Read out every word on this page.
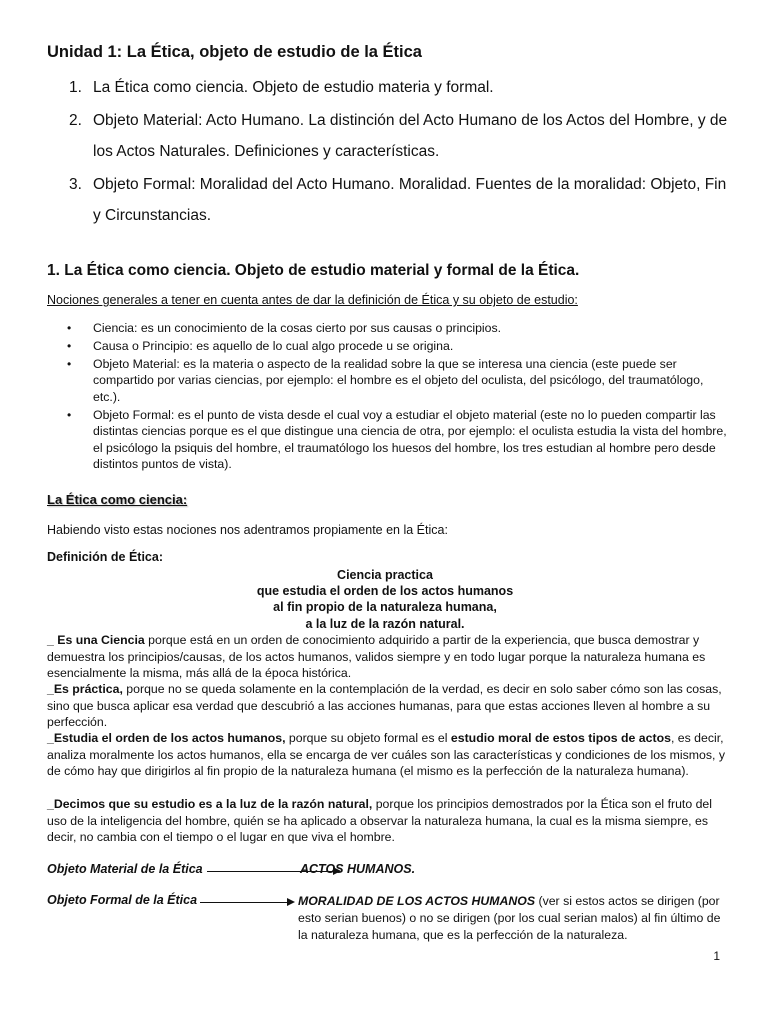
Unidad 1: La Ética, objeto de estudio de la Ética
1. La Ética como ciencia. Objeto de estudio materia y formal.
2. Objeto Material: Acto Humano. La distinción del Acto Humano de los Actos del Hombre, y de los Actos Naturales. Definiciones y características.
3. Objeto Formal: Moralidad del Acto Humano. Moralidad. Fuentes de la moralidad: Objeto, Fin y Circunstancias.
1. La Ética como ciencia. Objeto de estudio material y formal de la Ética.
Nociones generales a tener en cuenta antes de dar la definición de Ética y su objeto de estudio:
• Ciencia: es un conocimiento de la cosas cierto por sus causas o principios.
• Causa o Principio: es aquello de lo cual algo procede u se origina.
• Objeto Material: es la materia o aspecto de la realidad sobre la que se interesa una ciencia (este puede ser compartido por varias ciencias, por ejemplo: el hombre es el objeto del oculista, del psicólogo, del traumatólogo, etc.).
• Objeto Formal: es el punto de vista desde el cual voy a estudiar el objeto material (este no lo pueden compartir las distintas ciencias porque es el que distingue una ciencia de otra, por ejemplo: el oculista estudia la vista del hombre, el psicólogo la psiquis del hombre, el traumatólogo los huesos del hombre, los tres estudian al hombre pero desde distintos puntos de vista).
La Ética como ciencia:
Habiendo visto estas nociones nos adentramos propiamente en la Ética:
Definición de Ética:
Ciencia practica
que estudia el orden de los actos humanos
al fin propio de la naturaleza humana,
a la luz de la razón natural.
_ Es una Ciencia porque está en un orden de conocimiento adquirido a partir de la experiencia, que busca demostrar y demuestra los principios/causas, de los actos humanos, validos siempre y en todo lugar porque la naturaleza humana es esencialmente la misma, más allá de la época histórica.
_Es práctica, porque no se queda solamente en la contemplación de la verdad, es decir en solo saber cómo son las cosas, sino que busca aplicar esa verdad que descubrió a las acciones humanas, para que estas acciones lleven al hombre a su perfección.
_Estudia el orden de los actos humanos, porque su objeto formal es el estudio moral de estos tipos de actos, es decir, analiza moralmente los actos humanos, ella se encarga de ver cuáles son las características y condiciones de los mismos, y de cómo hay que dirigirlos al fin propio de la naturaleza humana (el mismo es la perfección de la naturaleza humana).
_Decimos que su estudio es a la luz de la razón natural, porque los principios demostrados por la Ética son el fruto del uso de la inteligencia del hombre, quién se ha aplicado a observar la naturaleza humana, la cual es la misma siempre, es decir, no cambia con el tiempo o el lugar en que viva el hombre.
Objeto Material de la Ética	ACTOS HUMANOS.
Objeto Formal de la Ética	MORALIDAD DE LOS ACTOS HUMANOS (ver si estos actos se dirigen (por esto serian buenos) o no se dirigen (por los cual serian malos) al fin último de la naturaleza humana, que es la perfección de la naturaleza.
1
